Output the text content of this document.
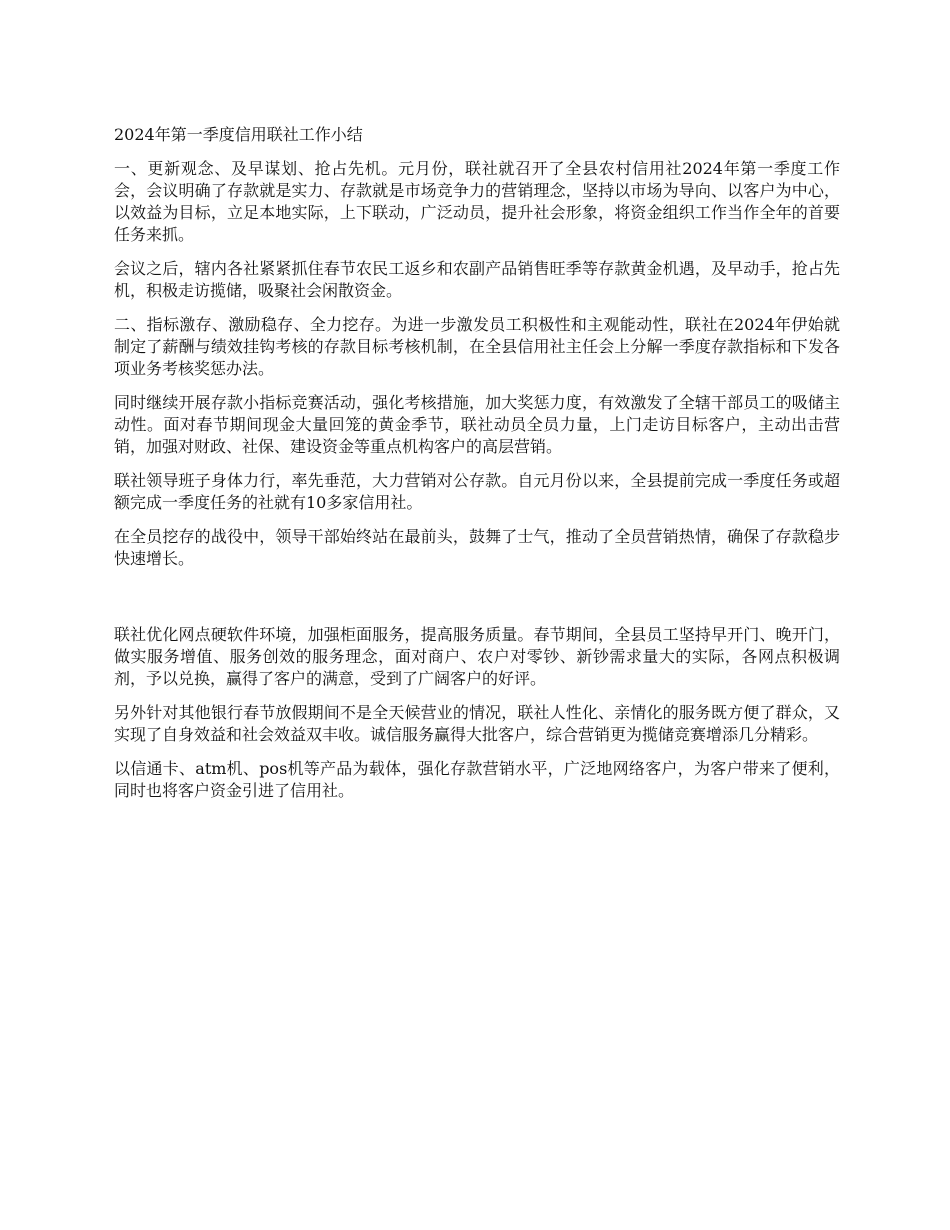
2024年第一季度信用联社工作小结

一、更新观念、及早谋划、抢占先机。元月份，联社就召开了全县农村信用社2024年第一季度工作会，会议明确了存款就是实力、存款就是市场竞争力的营销理念，坚持以市场为导向、以客户为中心，以效益为目标，立足本地实际，上下联动，广泛动员，提升社会形象，将资金组织工作当作全年的首要任务来抓。

会议之后，辖内各社紧紧抓住春节农民工返乡和农副产品销售旺季等存款黄金机遇，及早动手，抢占先机，积极走访揽储，吸聚社会闲散资金。

二、指标激存、激励稳存、全力挖存。为进一步激发员工积极性和主观能动性，联社在2024年伊始就制定了薪酬与绩效挂钩考核的存款目标考核机制，在全县信用社主任会上分解一季度存款指标和下发各项业务考核奖惩办法。

同时继续开展存款小指标竞赛活动，强化考核措施，加大奖惩力度，有效激发了全辖干部员工的吸储主动性。面对春节期间现金大量回笼的黄金季节，联社动员全员力量，上门走访目标客户，主动出击营销，加强对财政、社保、建设资金等重点机构客户的高层营销。

联社领导班子身体力行，率先垂范，大力营销对公存款。自元月份以来，全县提前完成一季度任务或超额完成一季度任务的社就有10多家信用社。

在全员挖存的战役中，领导干部始终站在最前头，鼓舞了士气，推动了全员营销热情，确保了存款稳步快速增长。

联社优化网点硬软件环境，加强柜面服务，提高服务质量。春节期间，全县员工坚持早开门、晚开门，做实服务增值、服务创效的服务理念，面对商户、农户对零钞、新钞需求量大的实际，各网点积极调剂，予以兑换，赢得了客户的满意，受到了广阔客户的好评。

另外针对其他银行春节放假期间不是全天候营业的情况，联社人性化、亲情化的服务既方便了群众，又实现了自身效益和社会效益双丰收。诚信服务赢得大批客户，综合营销更为揽储竞赛增添几分精彩。

以信通卡、atm机、pos机等产品为载体，强化存款营销水平，广泛地网络客户，为客户带来了便利，同时也将客户资金引进了信用社。
